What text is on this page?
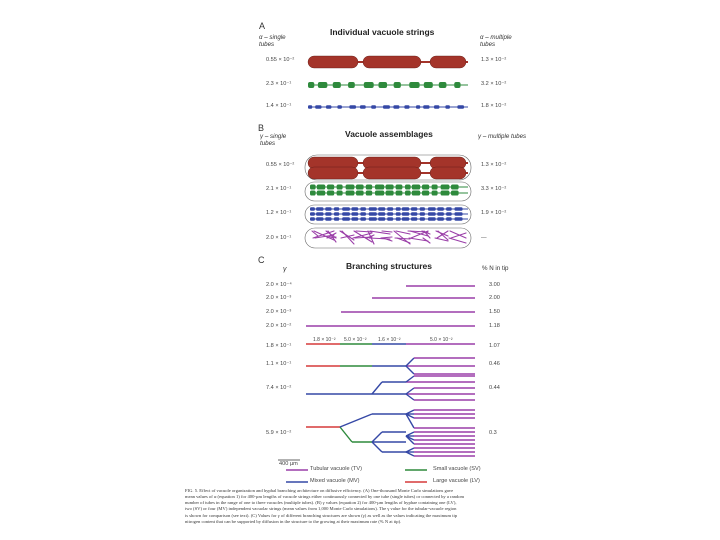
A
Individual vacuole strings
α – single tubes
α – multiple tubes
0.55 × 10⁻²	1.3 × 10⁻²
2.3 × 10⁻¹	3.2 × 10⁻²
1.4 × 10⁻¹	1.8 × 10⁻²
B
Vacuole assemblages
γ – single tubes
γ – multiple tubes
0.55 × 10⁻²	1.3 × 10⁻²
2.1 × 10⁻¹	3.3 × 10⁻²
1.2 × 10⁻¹	1.9 × 10⁻²
2.0 × 10⁻¹	—
C
Branching structures
γ	% N in tip
2.0 × 10⁻⁴	3.00
2.0 × 10⁻³	2.00
2.0 × 10⁻³	1.50
2.0 × 10⁻²	1.18
1.8 × 10⁻¹	1.07
1.1 × 10⁻¹	0.46
7.4 × 10⁻²	0.44
5.9 × 10⁻²	0.3
1.8 × 10⁻² 5.0 × 10⁻² 1.6 × 10⁻²	5.0 × 10⁻²
400 µm
Tubular vacuole (TV)	Small vacuole (SV)
Mixed vacuole (MV)	Large vacuole (LV)
FIG. 5. Effect of vacuole organization and hyphal branching architecture on diffusive efficiency. (A) One-thousand Monte Carlo simulations gave
mean values of α (equation 1) for 400-µm lengths of vacuole strings either continuously connected by one tube (single tubes) or connected by a random
number of tubes in the range of one to three vacuoles (multiple tubes). (B) γ values (equation 2) for 400-µm lengths of hyphae containing one (LV),
two (SV) or four (MV) independent vacuolar strings (mean values from 1,000 Monte Carlo simulations). The γ value for the tubular-vacuole region
is shown for comparison (see text). (C) Values for γ of different branching structures are shown (γ) as well as the values indicating the maximum tip
nitrogen content that can be supported by diffusion in the structure to the growing at their maximum rate (% N at tip).
